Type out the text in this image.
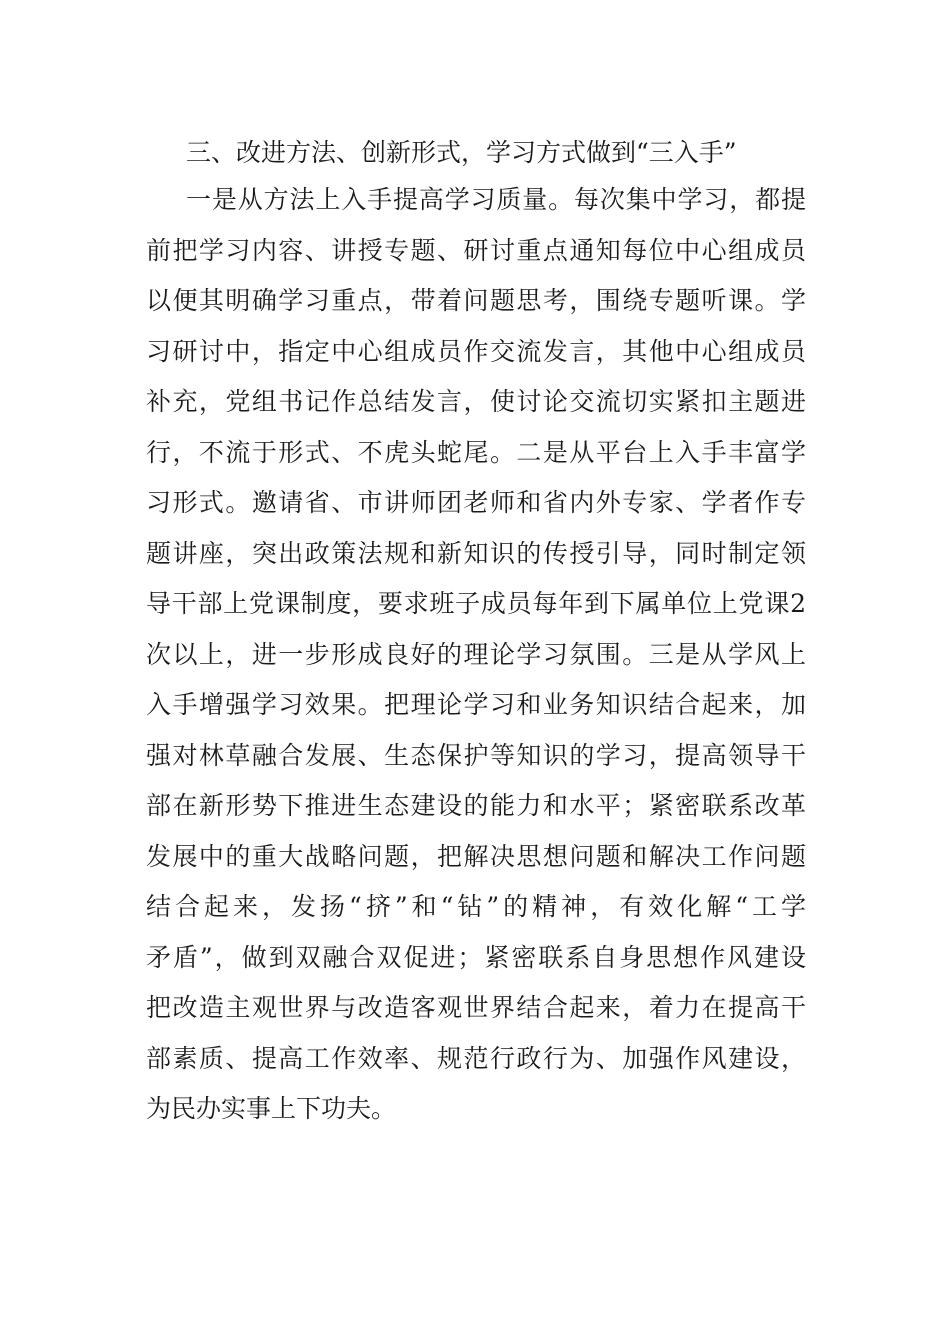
三、改进方法、创新形式，学习方式做到“三入手”
一是从方法上入手提高学习质量。每次集中学习，都提
前把学习内容、讲授专题、研讨重点通知每位中心组成员
以便其明确学习重点，带着问题思考，围绕专题听课。学
习研讨中，指定中心组成员作交流发言，其他中心组成员
补充，党组书记作总结发言，使讨论交流切实紧扣主题进
行，不流于形式、不虎头蛇尾。二是从平台上入手丰富学
习形式。邀请省、市讲师团老师和省内外专家、学者作专
题讲座，突出政策法规和新知识的传授引导，同时制定领
导干部上党课制度，要求班子成员每年到下属单位上党课2
次以上，进一步形成良好的理论学习氛围。三是从学风上
入手增强学习效果。把理论学习和业务知识结合起来，加
强对林草融合发展、生态保护等知识的学习，提高领导干
部在新形势下推进生态建设的能力和水平；紧密联系改革
发展中的重大战略问题，把解决思想问题和解决工作问题
结合起来，发扬“挤”和“钻”的精神，有效化解“工学
矛盾”，做到双融合双促进；紧密联系自身思想作风建设
把改造主观世界与改造客观世界结合起来，着力在提高干
部素质、提高工作效率、规范行政行为、加强作风建设，
为民办实事上下功夫。
